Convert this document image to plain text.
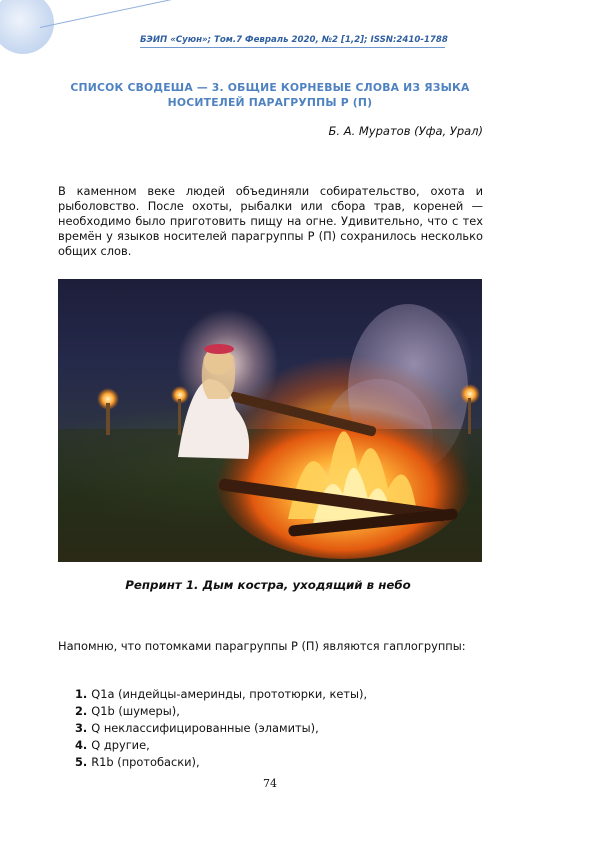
БЭИП «Суюн»; Том.7 Февраль 2020, №2 [1,2]; ISSN:2410-1788
СПИСОК СВОДЕША — 3. ОБЩИЕ КОРНЕВЫЕ СЛОВА ИЗ ЯЗЫКА
НОСИТЕЛЕЙ ПАРАГРУППЫ Р (П)
Б. А. Муратов (Уфа, Урал)

В каменном веке людей объединяли собирательство, охота и рыболовство. После охоты, рыбалки или сбора трав, кореней — необходимо было приготовить пищу на огне. Удивительно, что с тех времён у языков носителей парагруппы Р (П) сохранилось несколько общих слов.

Репринт 1. Дым костра, уходящий в небо

Напомню, что потомками парагруппы Р (П) являются гаплогруппы:

1. Q1a (индейцы-америнды, прототюрки, кеты),
2. Q1b (шумеры),
3. Q неклассифицированные (эламиты),
4. Q другие,
5. R1b (протобаски),
74
